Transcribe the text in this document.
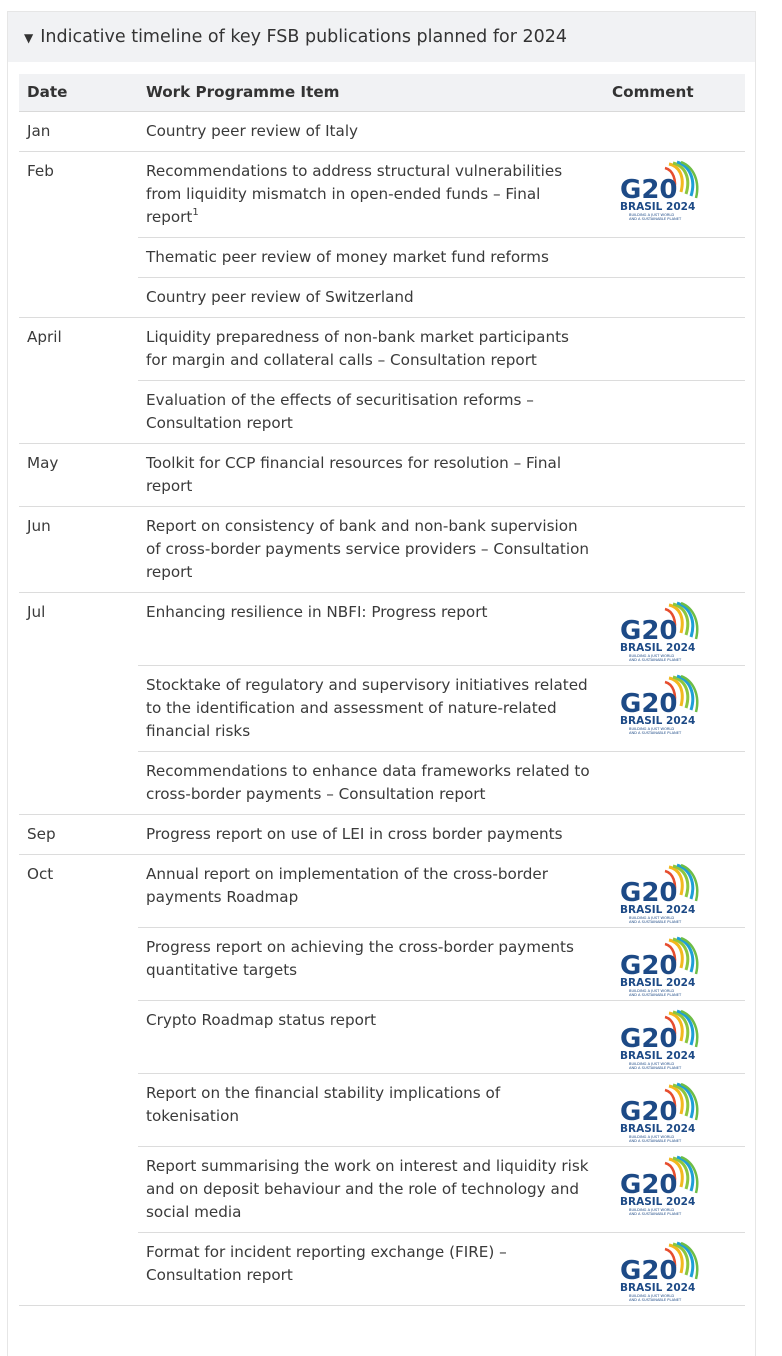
▼ Indicative timeline of key FSB publications planned for 2024
Date	Work Programme Item	Comment
Jan	Country peer review of Italy	
Feb	Recommendations to address structural vulnerabilities from liquidity mismatch in open-ended funds – Final report$^1$	G20
BRASIL 2024
BUILDING A JUST WORLD
AND A SUSTAINABLE PLANET

	Thematic peer review of money market fund reforms	
	Country peer review of Switzerland	
April	Liquidity preparedness of non-bank market participants for margin and collateral calls – Consultation report	
	Evaluation of the effects of securitisation reforms – Consultation report	
May	Toolkit for CCP financial resources for resolution – Final report	
Jun	Report on consistency of bank and non-bank supervision of cross-border payments service providers – Consultation report	
Jul	Enhancing resilience in NBFI: Progress report	G20
BRASIL 2024
BUILDING A JUST WORLD
AND A SUSTAINABLE PLANET

	Stocktake of regulatory and supervisory initiatives related to the identification and assessment of nature-related financial risks	G20
BRASIL 2024
BUILDING A JUST WORLD
AND A SUSTAINABLE PLANET

	Recommendations to enhance data frameworks related to cross-border payments – Consultation report	
Sep	Progress report on use of LEI in cross border payments	
Oct	Annual report on implementation of the cross-border payments Roadmap	G20
BRASIL 2024
BUILDING A JUST WORLD
AND A SUSTAINABLE PLANET

	Progress report on achieving the cross-border payments quantitative targets	G20
BRASIL 2024
BUILDING A JUST WORLD
AND A SUSTAINABLE PLANET

	Crypto Roadmap status report	G20
BRASIL 2024
BUILDING A JUST WORLD
AND A SUSTAINABLE PLANET

	Report on the financial stability implications of tokenisation	G20
BRASIL 2024
BUILDING A JUST WORLD
AND A SUSTAINABLE PLANET

	Report summarising the work on interest and liquidity risk and on deposit behaviour and the role of technology and social media	G20
BRASIL 2024
BUILDING A JUST WORLD
AND A SUSTAINABLE PLANET

	Format for incident reporting exchange (FIRE) – Consultation report	G20
BRASIL 2024
BUILDING A JUST WORLD
AND A SUSTAINABLE PLANET
